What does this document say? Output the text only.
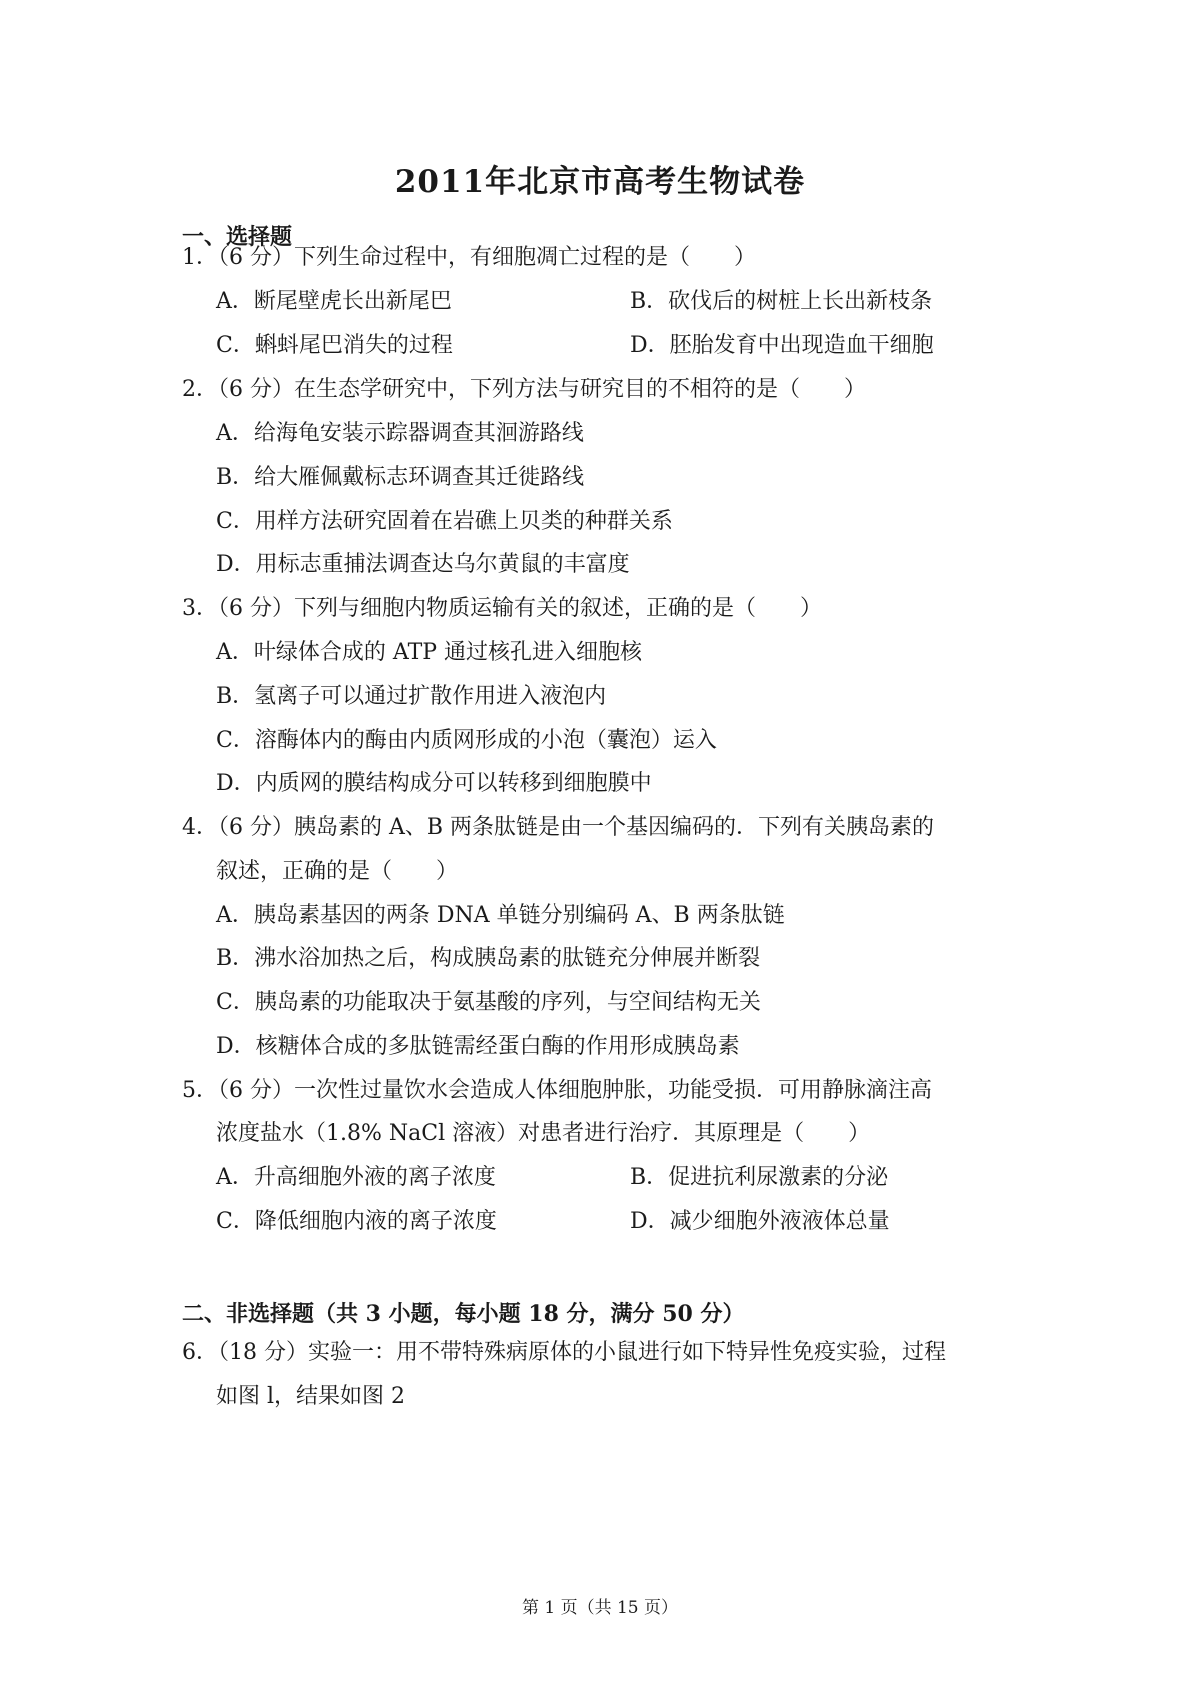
2011年北京市高考生物试卷
一、选择题
1．（6 分）下列生命过程中，有细胞凋亡过程的是（　　）
A．断尾壁虎长出新尾巴	B．砍伐后的树桩上长出新枝条
C．蝌蚪尾巴消失的过程	D．胚胎发育中出现造血干细胞
2．（6 分）在生态学研究中，下列方法与研究目的不相符的是（　　）
A．给海龟安装示踪器调查其洄游路线
B．给大雁佩戴标志环调查其迁徙路线
C．用样方法研究固着在岩礁上贝类的种群关系
D．用标志重捕法调查达乌尔黄鼠的丰富度
3．（6 分）下列与细胞内物质运输有关的叙述，正确的是（　　）
A．叶绿体合成的 ATP 通过核孔进入细胞核
B．氢离子可以通过扩散作用进入液泡内
C．溶酶体内的酶由内质网形成的小泡（囊泡）运入
D．内质网的膜结构成分可以转移到细胞膜中
4．（6 分）胰岛素的 A、B 两条肽链是由一个基因编码的．下列有关胰岛素的
叙述，正确的是（　　）
A．胰岛素基因的两条 DNA 单链分别编码 A、B 两条肽链
B．沸水浴加热之后，构成胰岛素的肽链充分伸展并断裂
C．胰岛素的功能取决于氨基酸的序列，与空间结构无关
D．核糖体合成的多肽链需经蛋白酶的作用形成胰岛素
5．（6 分）一次性过量饮水会造成人体细胞肿胀，功能受损．可用静脉滴注高
浓度盐水（1.8% NaCl 溶液）对患者进行治疗．其原理是（　　）
A．升高细胞外液的离子浓度	B．促进抗利尿激素的分泌
C．降低细胞内液的离子浓度	D．减少细胞外液液体总量
二、非选择题（共 3 小题，每小题 18 分，满分 50 分）
6．（18 分）实验一：用不带特殊病原体的小鼠进行如下特异性免疫实验，过程
如图 l，结果如图 2
第 1 页（共 15 页）
